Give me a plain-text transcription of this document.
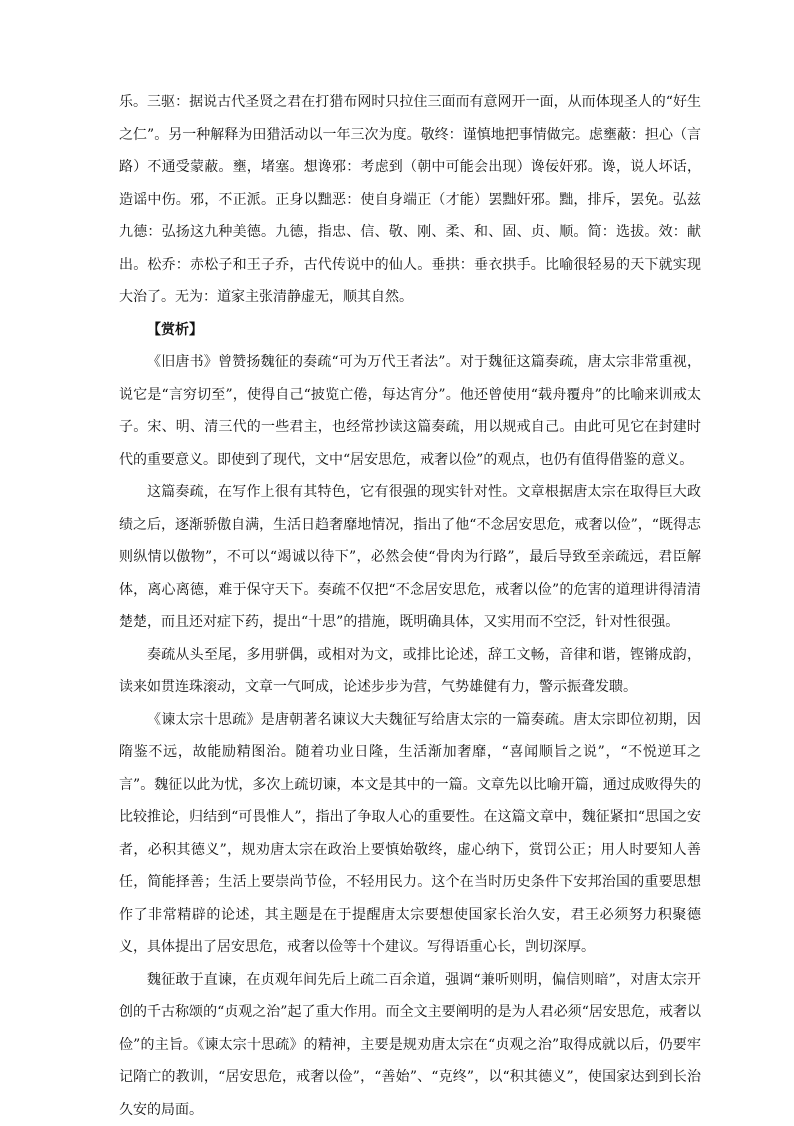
乐。三驱：据说古代圣贤之君在打猎布网时只拉住三面而有意网开一面，从而体现圣人的“好生之仁”。另一种解释为田猎活动以一年三次为度。敬终：谨慎地把事情做完。虑壅蔽：担心（言路）不通受蒙蔽。壅，堵塞。想谗邪：考虑到（朝中可能会出现）谗佞奸邪。谗，说人坏话，造谣中伤。邪，不正派。正身以黜恶：使自身端正（才能）罢黜奸邪。黜，排斥，罢免。弘兹九德：弘扬这九种美德。九德，指忠、信、敬、刚、柔、和、固、贞、顺。简：选拔。效：献出。松乔：赤松子和王子乔，古代传说中的仙人。垂拱：垂衣拱手。比喻很轻易的天下就实现大治了。无为：道家主张清静虚无，顺其自然。

【赏析】

《旧唐书》曾赞扬魏征的奏疏“可为万代王者法”。对于魏征这篇奏疏，唐太宗非常重视，说它是“言穷切至”，使得自己“披览亡倦，每达宵分”。他还曾使用“载舟覆舟”的比喻来训戒太子。宋、明、清三代的一些君主，也经常抄读这篇奏疏，用以规戒自己。由此可见它在封建时代的重要意义。即使到了现代，文中“居安思危，戒奢以俭”的观点，也仍有值得借鉴的意义。

这篇奏疏，在写作上很有其特色，它有很强的现实针对性。文章根据唐太宗在取得巨大政绩之后，逐渐骄傲自满，生活日趋奢靡地情况，指出了他“不念居安思危，戒奢以俭”，“既得志则纵情以傲物”，不可以“竭诚以待下”，必然会使“骨肉为行路”，最后导致至亲疏远，君臣解体，离心离德，难于保守天下。奏疏不仅把“不念居安思危，戒奢以俭”的危害的道理讲得清清楚楚，而且还对症下药，提出“十思”的措施，既明确具体，又实用而不空泛，针对性很强。

奏疏从头至尾，多用骈偶，或相对为文，或排比论述，辞工文畅，音律和谐，铿锵成韵，读来如贯连珠滚动，文章一气呵成，论述步步为营，气势雄健有力，警示振聋发聩。

《谏太宗十思疏》是唐朝著名谏议大夫魏征写给唐太宗的一篇奏疏。唐太宗即位初期，因隋鉴不远，故能励精图治。随着功业日隆，生活渐加奢靡，“喜闻顺旨之说”，“不悦逆耳之言”。魏征以此为忧，多次上疏切谏，本文是其中的一篇。文章先以比喻开篇，通过成败得失的比较推论，归结到“可畏惟人”，指出了争取人心的重要性。在这篇文章中，魏征紧扣“思国之安者，必积其德义”，规劝唐太宗在政治上要慎始敬终，虚心纳下，赏罚公正；用人时要知人善任，简能择善；生活上要崇尚节俭，不轻用民力。这个在当时历史条件下安邦治国的重要思想作了非常精辟的论述，其主题是在于提醒唐太宗要想使国家长治久安，君王必须努力积聚德义，具体提出了居安思危，戒奢以俭等十个建议。写得语重心长，剀切深厚。

魏征敢于直谏，在贞观年间先后上疏二百余道，强调“兼听则明，偏信则暗”，对唐太宗开创的千古称颂的“贞观之治”起了重大作用。而全文主要阐明的是为人君必须“居安思危，戒奢以俭”的主旨。《谏太宗十思疏》的精神，主要是规劝唐太宗在“贞观之治”取得成就以后，仍要牢记隋亡的教训，“居安思危，戒奢以俭”，“善始”、“克终”，以“积其德义”，使国家达到到长治久安的局面。
